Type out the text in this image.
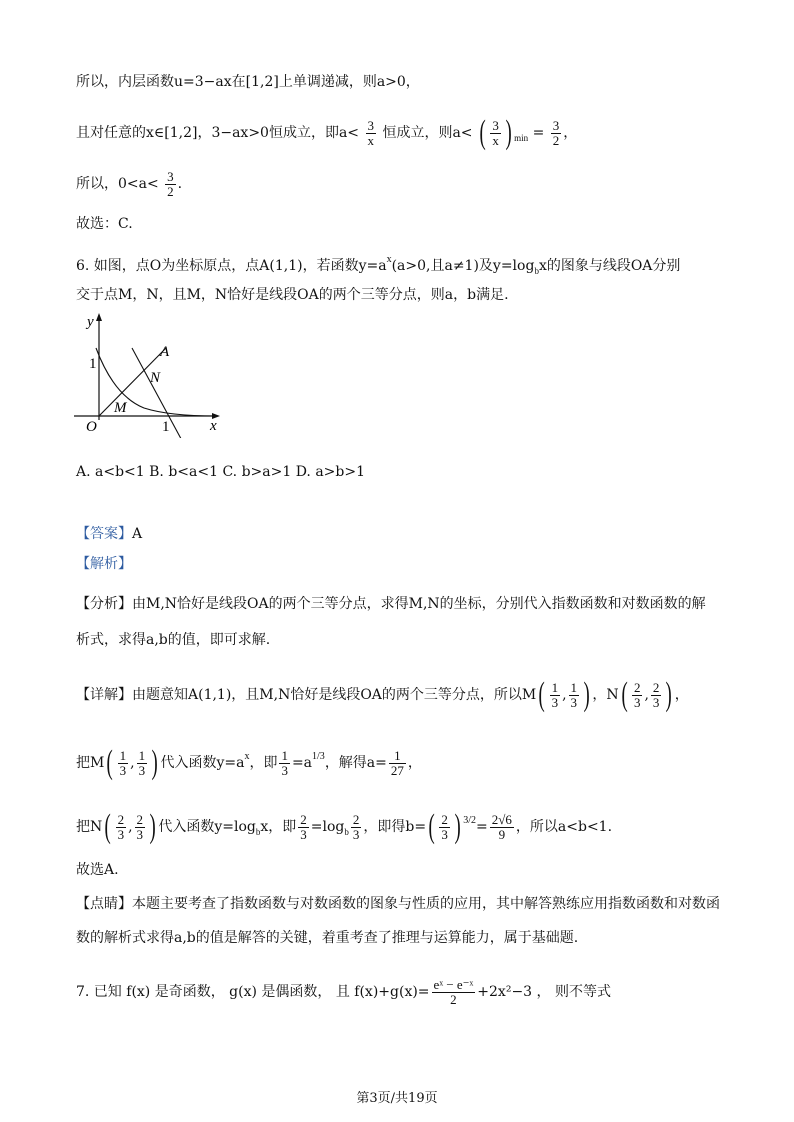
所以，内层函数u=3−ax在[1,2]上单调递减，则a>0，
且对任意的x∈[1,2]，3−ax>0恒成立，即$a< \frac{3}{x}$ 恒成立，则a< ( $\frac{3}{x}$ ) $_{min} = \frac{3}{2}$ ，
所以，$0<a< \frac{3}{2}$ .
故选：C.
6. 如图，点O为坐标原点，点A(1,1)，若函数$y=a^x(a>0$,且a≠1)及$y=\log_bx$的图象与线段OA分别
交于点M，N，且M，N恰好是线段OA的两个三等分点，则a，b满足.
y
x
O
1
1
A
N
M
A. a<b<1 B. b<a<1 C. b>a>1 D. a>b>1
【答案】A
【解析】
【分析】由M,N恰好是线段OA的两个三等分点，求得M,N的坐标，分别代入指数函数和对数函数的解
析式，求得a,b的值，即可求解.
【详解】由题意知A(1,1)，且M,N恰好是线段OA的两个三等分点，所以$M( \frac{1}{3}$ , $\frac{1}{3}$ ) ，$N( \frac{2}{3}$ , $\frac{2}{3}$ ) ，
把$M( \frac{1}{3}$ , $\frac{1}{3}$ ) 代入函数$y=a^x$，即 $\frac{1}{3} =a^{1/3}$，解得$a= \frac{1}{27}$ ，
把$N( \frac{2}{3}$ , $\frac{2}{3}$ ) 代入函数$y=\log_bx$，即 $\frac{2}{3} =\log_b \frac{2}{3}$ ，即得$b=( \frac{2}{3}$ ) $^{3/2}= \frac{2√6}{9}$ ，所以a<b<1.
故选A.
【点睛】本题主要考查了指数函数与对数函数的图象与性质的应用，其中解答熟练应用指数函数和对数函
数的解析式求得a,b的值是解答的关键，着重考查了推理与运算能力，属于基础题.
7. 已知 f(x) 是奇函数， g(x) 是偶函数， 且 $f(x)+g(x)= \frac{\text{eˣ − e⁻ˣ}}{2} +2x^2-3$ ， 则不等式
第3页/共19页
